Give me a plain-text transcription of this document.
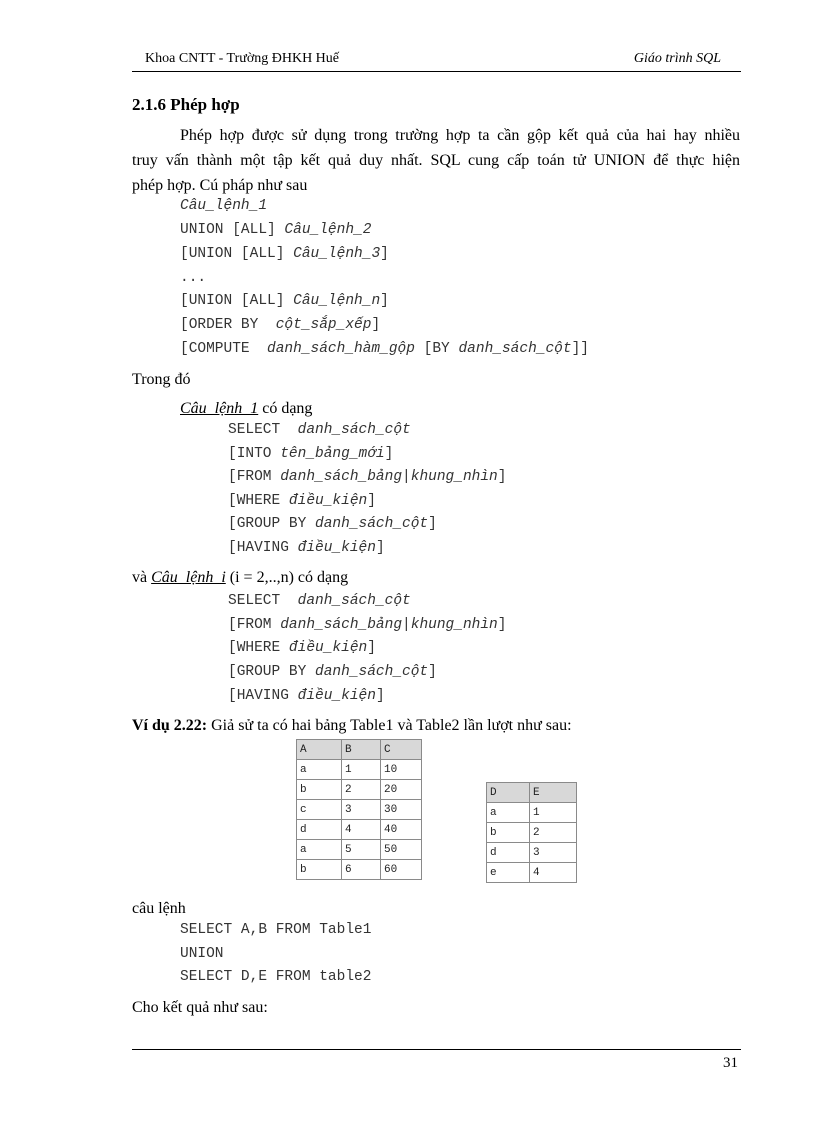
Khoa CNTT - Trường ĐHKH Huế	Giáo trình SQL
2.1.6 Phép hợp
Phép hợp được sử dụng trong trường hợp ta cần gộp kết quả của hai hay nhiều
truy vấn thành một tập kết quả duy nhất. SQL cung cấp toán tử UNION để thực hiện
phép hợp. Cú pháp như sau
Câu_lệnh_1
UNION [ALL] Câu_lệnh_2
[UNION [ALL] Câu_lệnh_3]
...
[UNION [ALL] Câu_lệnh_n]
[ORDER BY  cột_sắp_xếp]
[COMPUTE  danh_sách_hàm_gộp [BY danh_sách_cột]]
Trong đó
Câu_lệnh_1 có dạng
SELECT  danh_sách_cột
[INTO tên_bảng_mới]
[FROM danh_sách_bảng|khung_nhìn]
[WHERE điều_kiện]
[GROUP BY danh_sách_cột]
[HAVING điều_kiện]
và Câu_lệnh_i (i = 2,..,n) có dạng
SELECT  danh_sách_cột
[FROM danh_sách_bảng|khung_nhìn]
[WHERE điều_kiện]
[GROUP BY danh_sách_cột]
[HAVING điều_kiện]
Ví dụ 2.22: Giả sử ta có hai bảng Table1 và Table2 lần lượt như sau:
A	B	C
a	1	10
b	2	20
c	3	30
d	4	40
a	5	50
b	6	60
D	E
a	1
b	2
d	3
e	4
câu lệnh
SELECT A,B FROM Table1
UNION
SELECT D,E FROM table2
Cho kết quả như sau:
31
